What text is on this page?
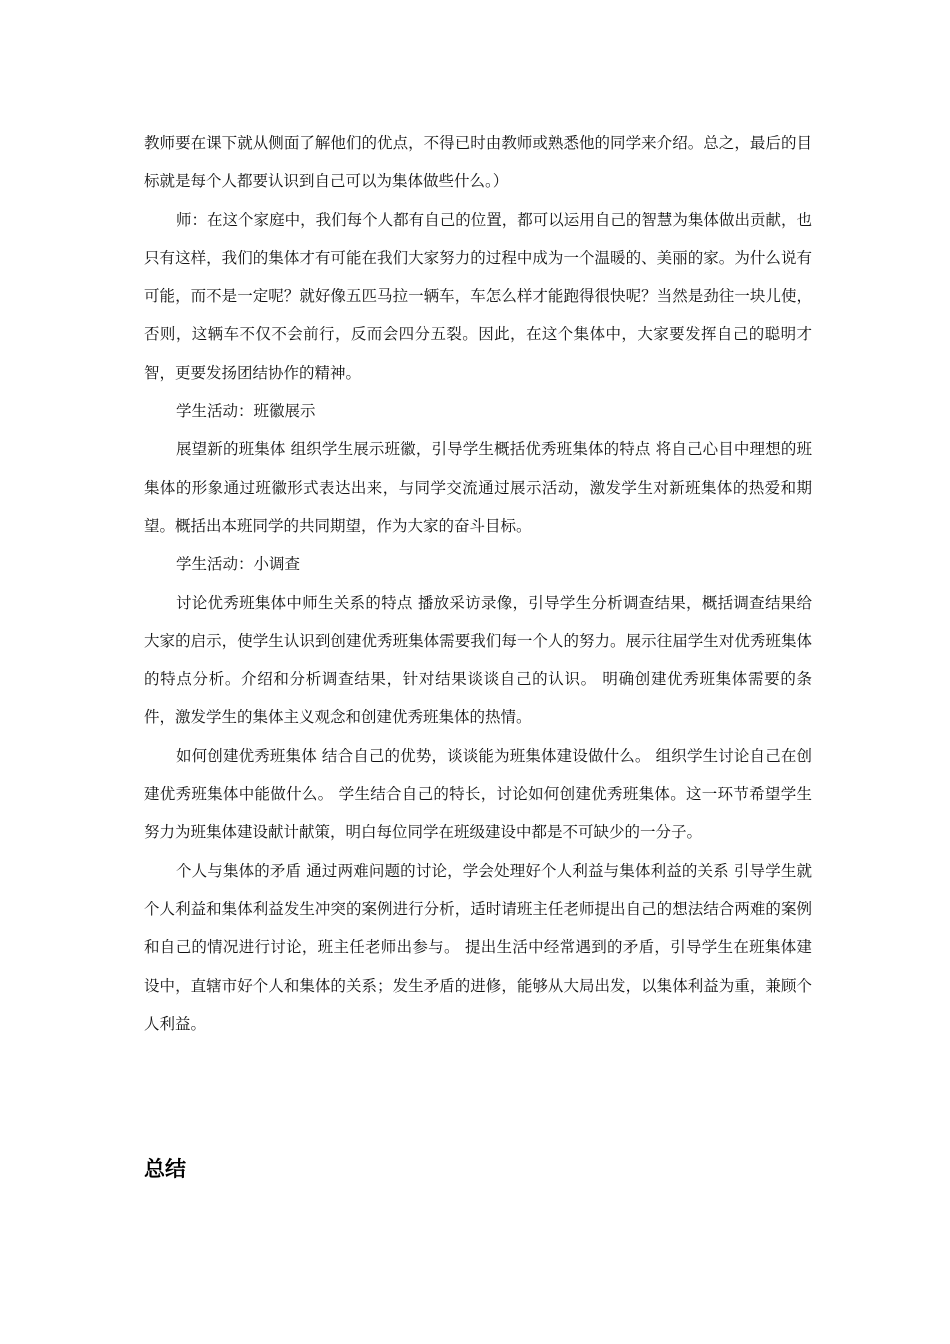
教师要在课下就从侧面了解他们的优点，不得已时由教师或熟悉他的同学来介绍。总之，最后的目标就是每个人都要认识到自己可以为集体做些什么。）

师：在这个家庭中，我们每个人都有自己的位置，都可以运用自己的智慧为集体做出贡献，也只有这样，我们的集体才有可能在我们大家努力的过程中成为一个温暖的、美丽的家。为什么说有可能，而不是一定呢？就好像五匹马拉一辆车，车怎么样才能跑得很快呢？当然是劲往一块儿使，否则，这辆车不仅不会前行，反而会四分五裂。因此，在这个集体中，大家要发挥自己的聪明才智，更要发扬团结协作的精神。

学生活动：班徽展示

展望新的班集体 组织学生展示班徽，引导学生概括优秀班集体的特点 将自己心目中理想的班集体的形象通过班徽形式表达出来，与同学交流通过展示活动，激发学生对新班集体的热爱和期望。概括出本班同学的共同期望，作为大家的奋斗目标。

学生活动：小调查

讨论优秀班集体中师生关系的特点 播放采访录像，引导学生分析调查结果，概括调查结果给大家的启示，使学生认识到创建优秀班集体需要我们每一个人的努力。展示往届学生对优秀班集体的特点分析。介绍和分析调查结果，针对结果谈谈自己的认识。 明确创建优秀班集体需要的条件，激发学生的集体主义观念和创建优秀班集体的热情。

如何创建优秀班集体 结合自己的优势，谈谈能为班集体建设做什么。 组织学生讨论自己在创建优秀班集体中能做什么。 学生结合自己的特长，讨论如何创建优秀班集体。这一环节希望学生努力为班集体建设献计献策，明白每位同学在班级建设中都是不可缺少的一分子。

个人与集体的矛盾 通过两难问题的讨论，学会处理好个人利益与集体利益的关系 引导学生就个人利益和集体利益发生冲突的案例进行分析，适时请班主任老师提出自己的想法结合两难的案例和自己的情况进行讨论，班主任老师出参与。 提出生活中经常遇到的矛盾，引导学生在班集体建设中，直辖市好个人和集体的关系；发生矛盾的进修，能够从大局出发，以集体利益为重，兼顾个人利益。

总结
